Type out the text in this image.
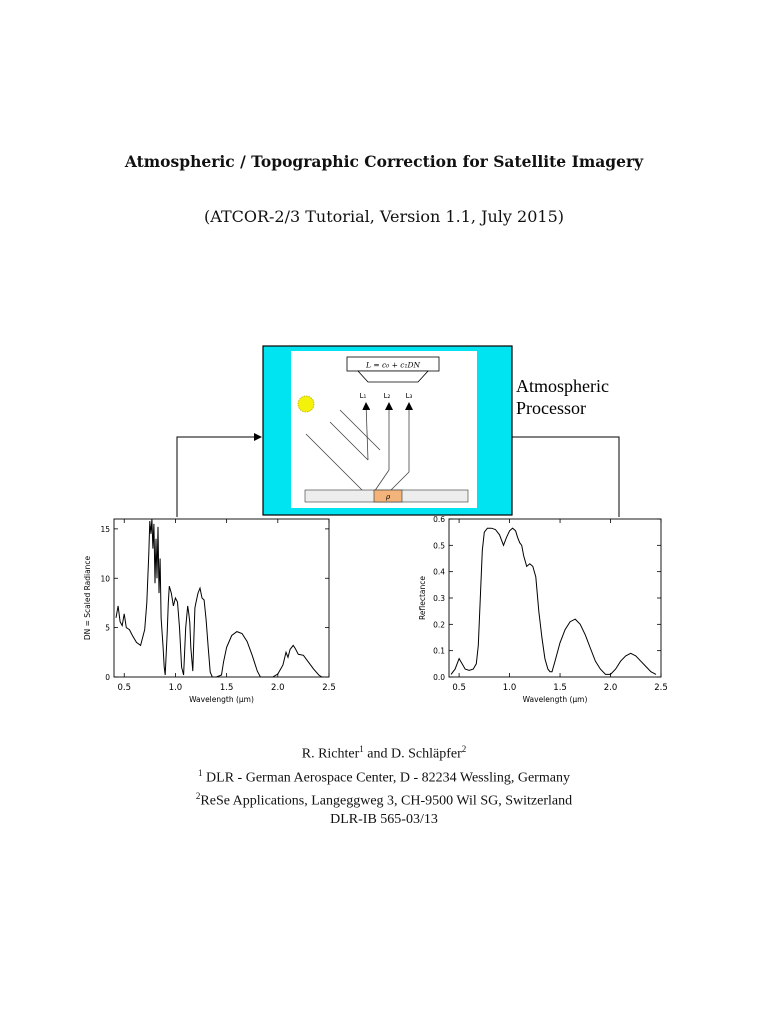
Atmospheric / Topographic Correction for Satellite Imagery
(ATCOR-2/3 Tutorial, Version 1.1, July 2015)
L = c₀ + c₁DN
L₁ L₂ L₃
ρ
Atmospheric
Processor
0.5	1.0	1.5	2.0	2.5
0
5
10
15
Wavelength (μm)
DN = Scaled Radiance
0.5	1.0	1.5	2.0	2.5
0.0
0.1
0.2
0.3
0.4
0.5
0.6
Wavelength (μm)
Reflectance
R. Richter$^1$ and D. Schläpfer$^2$
$^1$ DLR - German Aerospace Center, D - 82234 Wessling, Germany
$^2$ReSe Applications, Langeggweg 3, CH-9500 Wil SG, Switzerland
DLR-IB 565-03/13
